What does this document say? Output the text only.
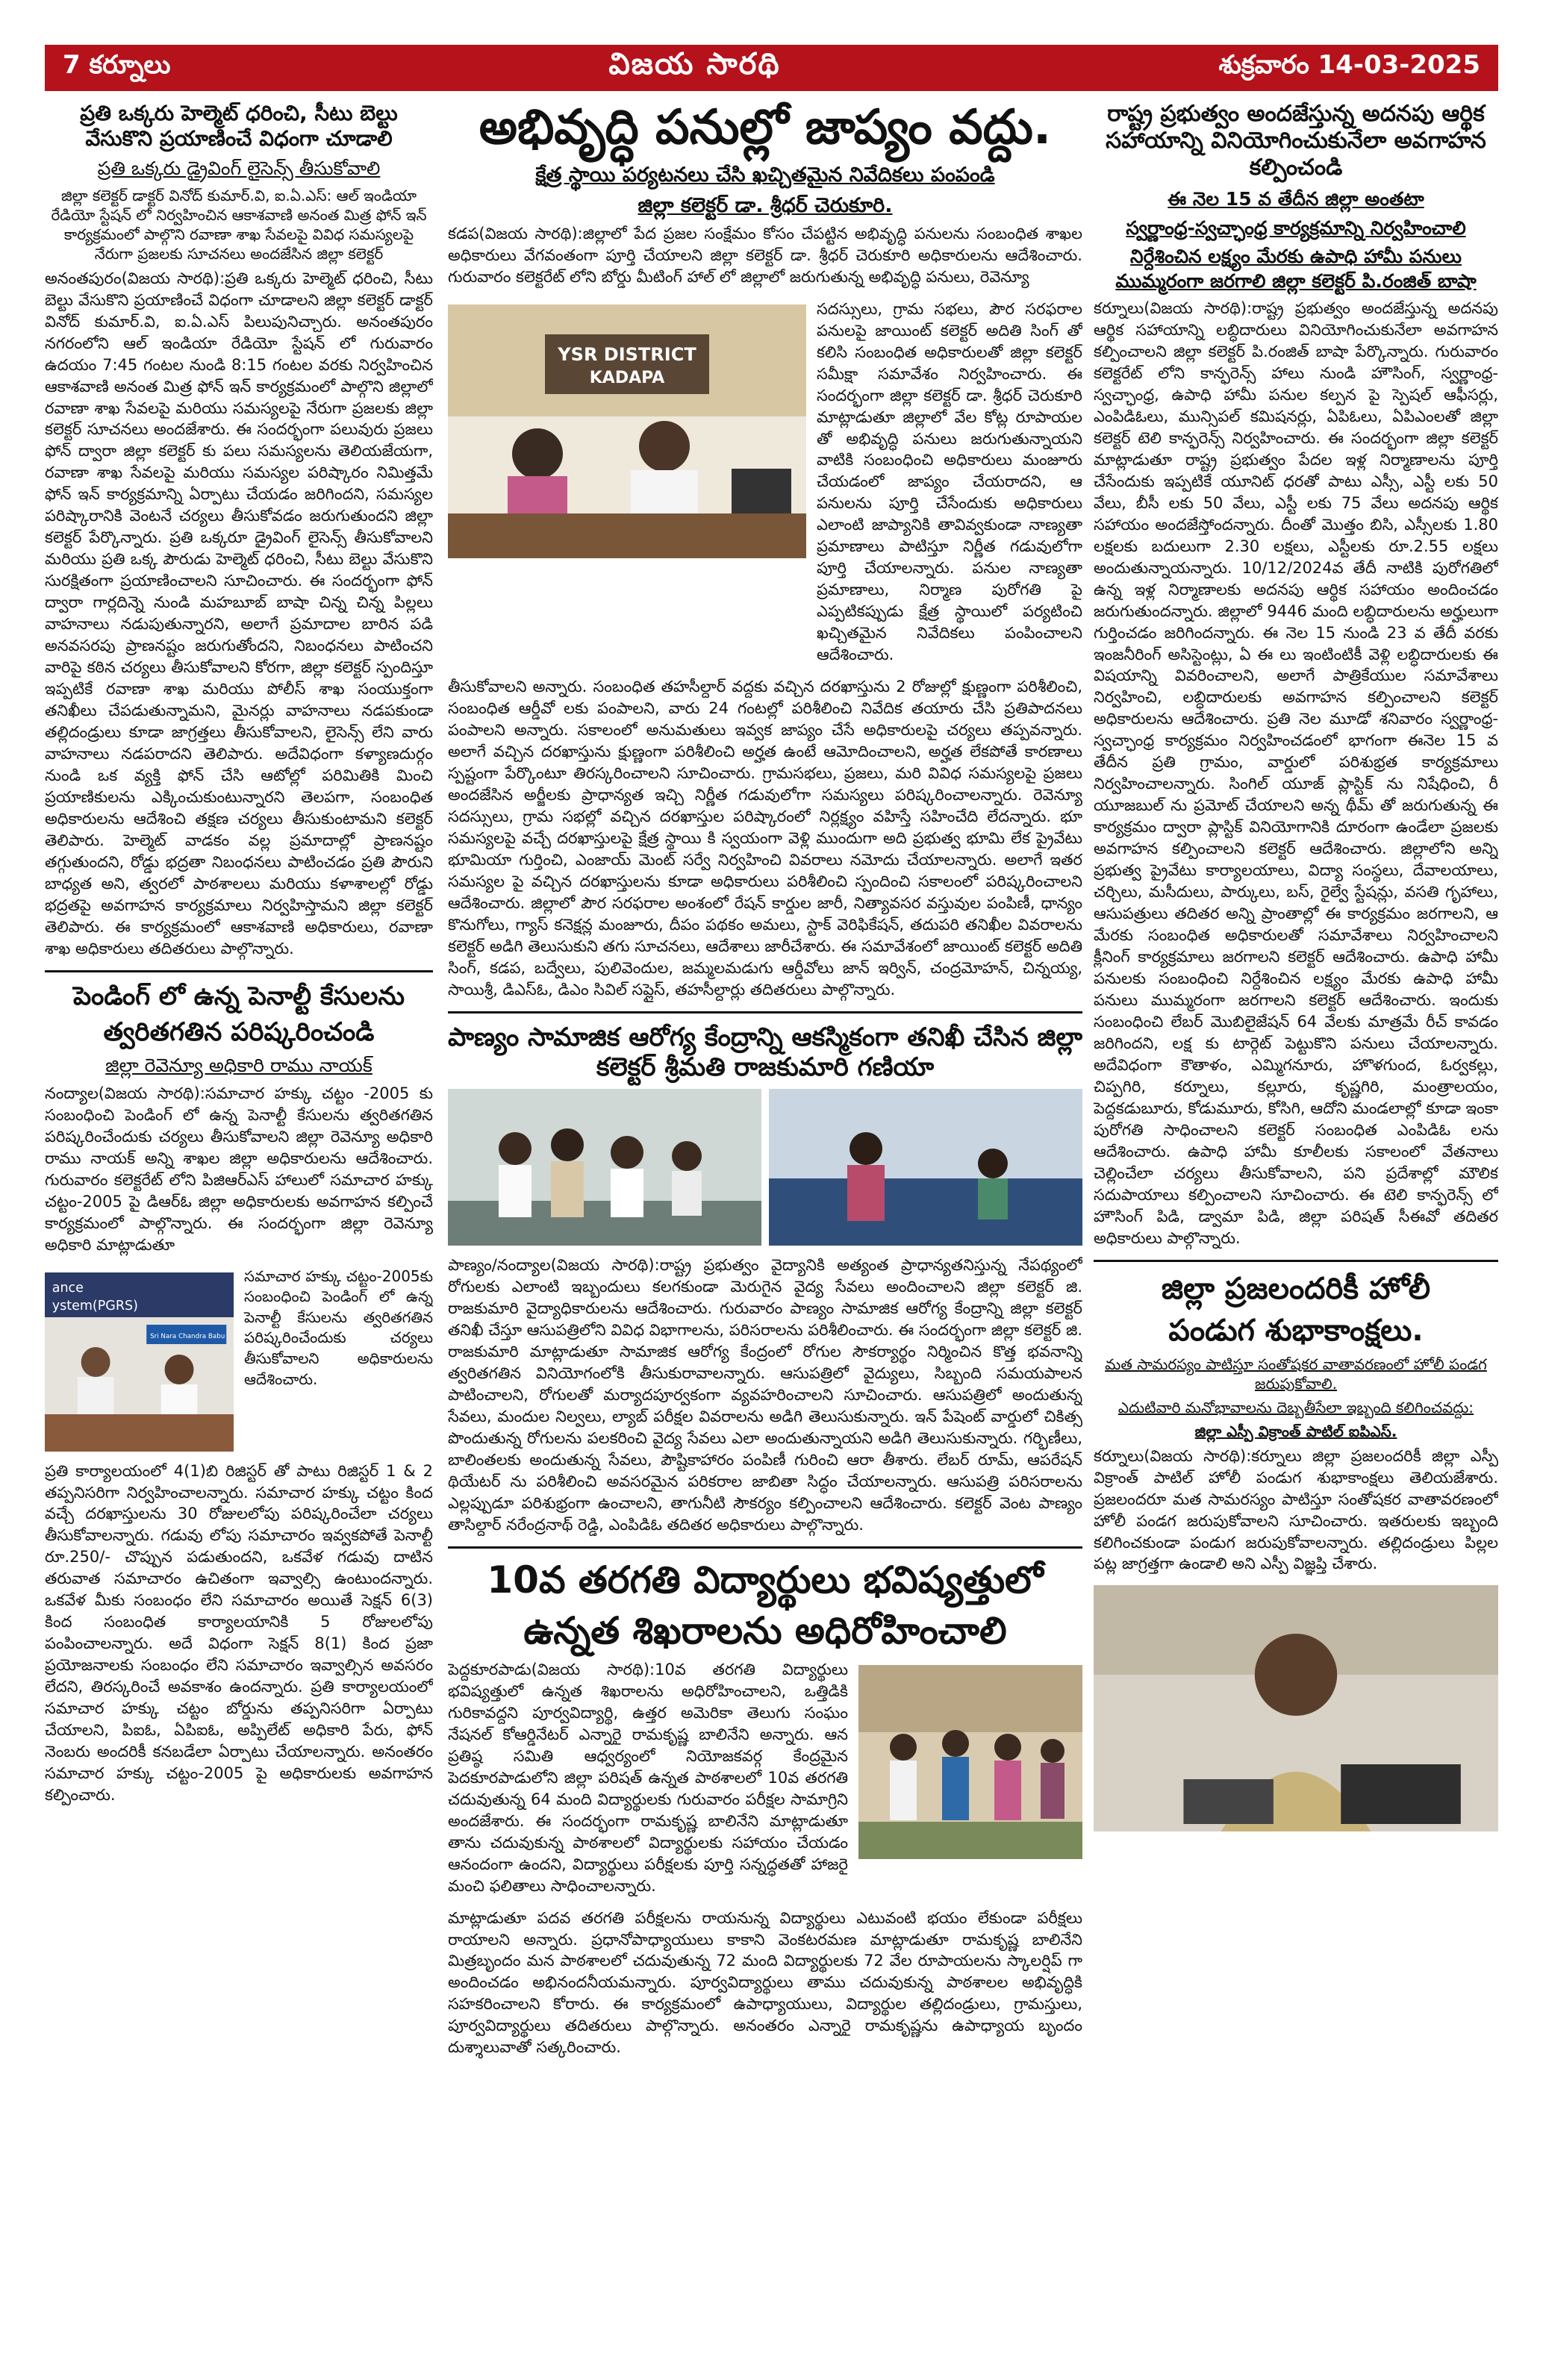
7 కర్నూలు	విజయ సారథి	శుక్రవారం 14-03-2025
ప్రతి ఒక్కరు హెల్మెట్ ధరించి, సీటు బెల్టు వేసుకొని ప్రయాణించే విధంగా చూడాలి
ప్రతి ఒక్కరు డ్రైవింగ్ లైసెన్స్ తీసుకోవాలి
జిల్లా కలెక్టర్ డాక్టర్ వినోద్ కుమార్.వి, ఐ.ఏ.ఎస్: ఆల్ ఇండియా రేడియో స్టేషన్ లో నిర్వహించిన ఆకాశవాణి అనంత మిత్ర ఫోన్ ఇన్ కార్యక్రమంలో పాల్గొని రవాణా శాఖ సేవలపై వివిధ సమస్యలపై నేరుగా ప్రజలకు సూచనలు అందజేసిన జిల్లా కలెక్టర్
అనంతపురం(విజయ సారథి):ప్రతి ఒక్కరు హెల్మెట్ ధరించి, సీటు బెల్టు వేసుకొని ప్రయాణించే విధంగా చూడాలని జిల్లా కలెక్టర్ డాక్టర్ వినోద్ కుమార్.వి, ఐ.ఏ.ఎస్ పిలుపునిచ్చారు. అనంతపురం నగరంలోని ఆల్ ఇండియా రేడియో స్టేషన్ లో గురువారం ఉదయం 7:45 గంటల నుండి 8:15 గంటల వరకు నిర్వహించిన ఆకాశవాణి అనంత మిత్ర ఫోన్ ఇన్ కార్యక్రమంలో పాల్గొని జిల్లాలో రవాణా శాఖ సేవలపై మరియు సమస్యలపై నేరుగా ప్రజలకు జిల్లా కలెక్టర్ సూచనలు అందజేశారు. ఈ సందర్భంగా పలువురు ప్రజలు ఫోన్ ద్వారా జిల్లా కలెక్టర్ కు పలు సమస్యలను తెలియజేయగా, రవాణా శాఖ సేవలపై మరియు సమస్యల పరిష్కారం నిమిత్తమే ఫోన్ ఇన్ కార్యక్రమాన్ని ఏర్పాటు చేయడం జరిగిందని, సమస్యల పరిష్కారానికి వెంటనే చర్యలు తీసుకోవడం జరుగుతుందని జిల్లా కలెక్టర్ పేర్కొన్నారు. ప్రతి ఒక్కరూ డ్రైవింగ్ లైసెన్స్ తీసుకోవాలని మరియు ప్రతి ఒక్క పౌరుడు హెల్మెట్ ధరించి, సీటు బెల్టు వేసుకొని సురక్షితంగా ప్రయాణించాలని సూచించారు. ఈ సందర్భంగా ఫోన్ ద్వారా గార్లదిన్నె నుండి మహబూబ్ బాషా చిన్న చిన్న పిల్లలు వాహనాలు నడుపుతున్నారని, అలాగే ప్రమాదాల బారిన పడి అనవసరపు ప్రాణనష్టం జరుగుతోందని, నిబంధనలు పాటించని వారిపై కఠిన చర్యలు తీసుకోవాలని కోరగా, జిల్లా కలెక్టర్ స్పందిస్తూ ఇప్పటికే రవాణా శాఖ మరియు పోలీస్ శాఖ సంయుక్తంగా తనిఖీలు చేపడుతున్నామని, మైనర్లు వాహనాలు నడపకుండా తల్లిదండ్రులు కూడా జాగ్రత్తలు తీసుకోవాలని, లైసెన్స్ లేని వారు వాహనాలు నడపరాదని తెలిపారు. అదేవిధంగా కళ్యాణదుర్గం నుండి ఒక వ్యక్తి ఫోన్ చేసి ఆటోల్లో పరిమితికి మించి ప్రయాణికులను ఎక్కించుకుంటున్నారని తెలపగా, సంబంధిత అధికారులను ఆదేశించి తక్షణ చర్యలు తీసుకుంటామని కలెక్టర్ తెలిపారు. హెల్మెట్ వాడకం వల్ల ప్రమాదాల్లో ప్రాణనష్టం తగ్గుతుందని, రోడ్డు భద్రతా నిబంధనలు పాటించడం ప్రతి పౌరుని బాధ్యత అని, త్వరలో పాఠశాలలు మరియు కళాశాలల్లో రోడ్డు భద్రతపై అవగాహన కార్యక్రమాలు నిర్వహిస్తామని జిల్లా కలెక్టర్ తెలిపారు. ఈ కార్యక్రమంలో ఆకాశవాణి అధికారులు, రవాణా శాఖ అధికారులు తదితరులు పాల్గొన్నారు.
పెండింగ్ లో ఉన్న పెనాల్టీ కేసులను
త్వరితగతిన పరిష్కరించండి
జిల్లా రెవెన్యూ అధికారి రాము నాయక్
నంద్యాల(విజయ సారథి):సమాచార హక్కు చట్టం -2005 కు సంబంధించి పెండింగ్ లో ఉన్న పెనాల్టీ కేసులను త్వరితగతిన పరిష్కరించేందుకు చర్యలు తీసుకోవాలని జిల్లా రెవెన్యూ అధికారి రాము నాయక్ అన్ని శాఖల జిల్లా అధికారులను ఆదేశించారు. గురువారం కలెక్టరేట్ లోని పిజిఆర్ఎస్ హాలులో సమాచార హక్కు చట్టం-2005 పై డిఆర్ఓ జిల్లా అధికారులకు అవగాహన కల్పించే కార్యక్రమంలో పాల్గొన్నారు. ఈ సందర్భంగా జిల్లా రెవెన్యూ అధికారి మాట్లాడుతూ
ance
ystem(PGRS)
Sri Nara Chandra Babu
సమాచార హక్కు చట్టం-2005కు సంబంధించి పెండింగ్ లో ఉన్న పెనాల్టీ కేసులను త్వరితగతిన పరిష్కరించేందుకు చర్యలు తీసుకోవాలని అధికారులను ఆదేశించారు.
ప్రతి కార్యాలయంలో 4(1)బి రిజిస్టర్ తో పాటు రిజిస్టర్ 1 & 2 తప్పనిసరిగా నిర్వహించాలన్నారు. సమాచార హక్కు చట్టం కింద వచ్చే దరఖాస్తులను 30 రోజులలోపు పరిష్కరించేలా చర్యలు తీసుకోవాలన్నారు. గడువు లోపు సమాచారం ఇవ్వకపోతే పెనాల్టీ రూ.250/- చొప్పున పడుతుందని, ఒకవేళ గడువు దాటిన తరువాత సమాచారం ఉచితంగా ఇవ్వాల్సి ఉంటుందన్నారు. ఒకవేళ మీకు సంబంధం లేని సమాచారం అయితే సెక్షన్ 6(3) కింద సంబంధిత కార్యాలయానికి 5 రోజులలోపు పంపించాలన్నారు. అదే విధంగా సెక్షన్ 8(1) కింద ప్రజా ప్రయోజనాలకు సంబంధం లేని సమాచారం ఇవ్వాల్సిన అవసరం లేదని, తిరస్కరించే అవకాశం ఉందన్నారు. ప్రతి కార్యాలయంలో సమాచార హక్కు చట్టం బోర్డును తప్పనిసరిగా ఏర్పాటు చేయాలని, పిఐఓ, ఏపిఐఓ, అప్పిలేట్ అధికారి పేరు, ఫోన్ నెంబరు అందరికీ కనబడేలా ఏర్పాటు చేయాలన్నారు. అనంతరం సమాచార హక్కు చట్టం-2005 పై అధికారులకు అవగాహన కల్పించారు.
అభివృద్ధి పనుల్లో జాప్యం వద్దు.
క్షేత్ర స్థాయి పర్యటనలు చేసి ఖచ్చితమైన నివేదికలు పంపండి
జిల్లా కలెక్టర్ డా. శ్రీధర్ చెరుకూరి.
కడప(విజయ సారథి):జిల్లాలో పేద ప్రజల సంక్షేమం కోసం చేపట్టిన అభివృద్ధి పనులను సంబంధిత శాఖల అధికారులు వేగవంతంగా పూర్తి చేయాలని జిల్లా కలెక్టర్ డా. శ్రీధర్ చెరుకూరి అధికారులను ఆదేశించారు. గురువారం కలెక్టరేట్ లోని బోర్డు మీటింగ్ హాల్ లో జిల్లాలో జరుగుతున్న అభివృద్ధి పనులు, రెవెన్యూ
YSR DISTRICT
KADAPA
సదస్సులు, గ్రామ సభలు, పౌర సరఫరాల పనులపై జాయింట్ కలెక్టర్ అదితి సింగ్ తో కలిసి సంబంధిత అధికారులతో జిల్లా కలెక్టర్ సమీక్షా సమావేశం నిర్వహించారు. ఈ సందర్భంగా జిల్లా కలెక్టర్ డా. శ్రీధర్ చెరుకూరి మాట్లాడుతూ జిల్లాలో వేల కోట్ల రూపాయల తో అభివృద్ధి పనులు జరుగుతున్నాయని వాటికి సంబంధించి అధికారులు మంజూరు చేయడంలో జాప్యం చేయరాదని, ఆ పనులను పూర్తి చేసేందుకు అధికారులు ఎలాంటి జాప్యానికి తావివ్వకుండా నాణ్యతా ప్రమాణాలు పాటిస్తూ నిర్ణీత గడువులోగా పూర్తి చేయాలన్నారు. పనుల నాణ్యతా ప్రమాణాలు, నిర్మాణ పురోగతి పై ఎప్పటికప్పుడు క్షేత్ర స్థాయిలో పర్యటించి ఖచ్చితమైన నివేదికలు పంపించాలని ఆదేశించారు.
తీసుకోవాలని అన్నారు. సంబంధిత తహసీల్దార్ వద్దకు వచ్చిన దరఖాస్తును 2 రోజుల్లో క్షుణ్ణంగా పరిశీలించి, సంబంధిత ఆర్డీవో లకు పంపాలని, వారు 24 గంటల్లో పరిశీలించి నివేదిక తయారు చేసి ప్రతిపాదనలు పంపాలని అన్నారు. సకాలంలో అనుమతులు ఇవ్వక జాప్యం చేసే అధికారులపై చర్యలు తప్పవన్నారు. అలాగే వచ్చిన దరఖాస్తును క్షుణ్ణంగా పరిశీలించి అర్హత ఉంటే ఆమోదించాలని, అర్హత లేకపోతే కారణాలు స్పష్టంగా పేర్కొంటూ తిరస్కరించాలని సూచించారు. గ్రామసభలు, ప్రజలు, మరి వివిధ సమస్యలపై ప్రజలు అందజేసిన అర్జీలకు ప్రాధాన్యత ఇచ్చి నిర్ణీత గడువులోగా సమస్యలు పరిష్కరించాలన్నారు. రెవెన్యూ సదస్సులు, గ్రామ సభల్లో వచ్చిన దరఖాస్తుల పరిష్కారంలో నిర్లక్ష్యం వహిస్తే సహించేది లేదన్నారు. భూ సమస్యలపై వచ్చే దరఖాస్తులపై క్షేత్ర స్థాయి కి స్వయంగా వెళ్లి ముందుగా అది ప్రభుత్వ భూమి లేక ప్రైవేటు భూమియా గుర్తించి, ఎంజాయ్ మెంట్ సర్వే నిర్వహించి వివరాలు నమోదు చేయాలన్నారు. అలాగే ఇతర సమస్యల పై వచ్చిన దరఖాస్తులను కూడా అధికారులు పరిశీలించి స్పందించి సకాలంలో పరిష్కరించాలని ఆదేశించారు. జిల్లాలో పౌర సరఫరాల అంశంలో రేషన్ కార్డుల జారీ, నిత్యావసర వస్తువుల పంపిణీ, ధాన్యం కొనుగోలు, గ్యాస్ కనెక్షన్ల మంజూరు, దీపం పథకం అమలు, స్టాక్ వెరిఫికేషన్, తదుపరి తనిఖీల వివరాలను కలెక్టర్ అడిగి తెలుసుకుని తగు సూచనలు, ఆదేశాలు జారీచేశారు. ఈ సమావేశంలో జాయింట్ కలెక్టర్ అదితి సింగ్, కడప, బద్వేలు, పులివెందుల, జమ్మలమడుగు ఆర్డీవోలు జాన్ ఇర్విన్, చంద్రమోహన్, చిన్నయ్య, సాయిశ్రీ, డిఎస్ఓ, డిఎం సివిల్ సప్లైస్, తహసీల్దార్లు తదితరులు పాల్గొన్నారు.
పాణ్యం సామాజిక ఆరోగ్య కేంద్రాన్ని ఆకస్మికంగా తనిఖీ చేసిన జిల్లా కలెక్టర్ శ్రీమతి రాజకుమారి గణియా
పాణ్యం/నంద్యాల(విజయ సారథి):రాష్ట్ర ప్రభుత్వం వైద్యానికి అత్యంత ప్రాధాన్యతనిస్తున్న నేపథ్యంలో రోగులకు ఎలాంటి ఇబ్బందులు కలగకుండా మెరుగైన వైద్య సేవలు అందించాలని జిల్లా కలెక్టర్ జి. రాజకుమారి వైద్యాధికారులను ఆదేశించారు. గురువారం పాణ్యం సామాజిక ఆరోగ్య కేంద్రాన్ని జిల్లా కలెక్టర్ తనిఖీ చేస్తూ ఆసుపత్రిలోని వివిధ విభాగాలను, పరిసరాలను పరిశీలించారు. ఈ సందర్భంగా జిల్లా కలెక్టర్ జి. రాజకుమారి మాట్లాడుతూ సామాజిక ఆరోగ్య కేంద్రంలో రోగుల సౌకర్యార్థం నిర్మించిన కొత్త భవనాన్ని త్వరితగతిన వినియోగంలోకి తీసుకురావాలన్నారు. ఆసుపత్రిలో వైద్యులు, సిబ్బంది సమయపాలన పాటించాలని, రోగులతో మర్యాదపూర్వకంగా వ్యవహరించాలని సూచించారు. ఆసుపత్రిలో అందుతున్న సేవలు, మందుల నిల్వలు, ల్యాబ్ పరీక్షల వివరాలను అడిగి తెలుసుకున్నారు. ఇన్ పేషెంట్ వార్డులో చికిత్స పొందుతున్న రోగులను పలకరించి వైద్య సేవలు ఎలా అందుతున్నాయని అడిగి తెలుసుకున్నారు. గర్భిణీలు, బాలింతలకు అందుతున్న సేవలు, పౌష్టికాహారం పంపిణీ గురించి ఆరా తీశారు. లేబర్ రూమ్, ఆపరేషన్ థియేటర్ ను పరిశీలించి అవసరమైన పరికరాల జాబితా సిద్ధం చేయాలన్నారు. ఆసుపత్రి పరిసరాలను ఎల్లప్పుడూ పరిశుభ్రంగా ఉంచాలని, తాగునీటి సౌకర్యం కల్పించాలని ఆదేశించారు. కలెక్టర్ వెంట పాణ్యం తాసిల్దార్ నరేంద్రనాథ్ రెడ్డి, ఎంపిడిఓ తదితర అధికారులు పాల్గొన్నారు.
10వ తరగతి విద్యార్థులు భవిష్యత్తులో
ఉన్నత శిఖరాలను అధిరోహించాలి
పెద్దకూరపాడు(విజయ సారథి):10వ తరగతి విద్యార్థులు భవిష్యత్తులో ఉన్నత శిఖరాలను అధిరోహించాలని, ఒత్తిడికి గురికావద్దని పూర్వవిద్యార్థి, ఉత్తర అమెరికా తెలుగు సంఘం నేషనల్ కోఆర్డినేటర్ ఎన్నారై రామకృష్ణ బాలినేని అన్నారు. ఆన ప్రతిష్ఠ సమితి ఆధ్వర్యంలో నియోజకవర్గ కేంద్రమైన పెదకూరపాడులోని జిల్లా పరిషత్ ఉన్నత పాఠశాలలో 10వ తరగతి చదువుతున్న 64 మంది విద్యార్థులకు గురువారం పరీక్షల సామాగ్రిని అందజేశారు. ఈ సందర్భంగా రామకృష్ణ బాలినేని మాట్లాడుతూ తాను చదువుకున్న పాఠశాలలో విద్యార్థులకు సహాయం చేయడం ఆనందంగా ఉందని, విద్యార్థులు పరీక్షలకు పూర్తి సన్నద్ధతతో హాజరై మంచి ఫలితాలు సాధించాలన్నారు.
మాట్లాడుతూ పదవ తరగతి పరీక్షలను రాయనున్న విద్యార్థులు ఎటువంటి భయం లేకుండా పరీక్షలు రాయాలని అన్నారు. ప్రధానోపాధ్యాయులు కాకాని వెంకటరమణ మాట్లాడుతూ రామకృష్ణ బాలినేని మిత్రబృందం మన పాఠశాలలో చదువుతున్న 72 మంది విద్యార్థులకు 72 వేల రూపాయలను స్కాలర్షిప్ గా అందించడం అభినందనీయమన్నారు. పూర్వవిద్యార్థులు తాము చదువుకున్న పాఠశాలల అభివృద్ధికి సహకరించాలని కోరారు. ఈ కార్యక్రమంలో ఉపాధ్యాయులు, విద్యార్థుల తల్లిదండ్రులు, గ్రామస్తులు, పూర్వవిద్యార్థులు తదితరులు పాల్గొన్నారు. అనంతరం ఎన్నారై రామకృష్ణను ఉపాధ్యాయ బృందం దుశ్శాలువాతో సత్కరించారు.
రాష్ట్ర ప్రభుత్వం అందజేస్తున్న అదనపు ఆర్థిక సహాయాన్ని వినియోగించుకునేలా అవగాహన కల్పించండి
ఈ నెల 15 వ తేదీన జిల్లా అంతటా
స్వర్ణాంధ్ర-స్వచ్ఛాంధ్ర కార్యక్రమాన్ని నిర్వహించాలి
నిర్దేశించిన లక్ష్యం మేరకు ఉపాధి హామీ పనులు ముమ్మరంగా జరగాలి జిల్లా కలెక్టర్ పి.రంజిత్ బాషా
కర్నూలు(విజయ సారథి):రాష్ట్ర ప్రభుత్వం అందజేస్తున్న అదనపు ఆర్థిక సహాయాన్ని లబ్ధిదారులు వినియోగించుకునేలా అవగాహన కల్పించాలని జిల్లా కలెక్టర్ పి.రంజిత్ బాషా పేర్కొన్నారు. గురువారం కలెక్టరేట్ లోని కాన్ఫరెన్స్ హాలు నుండి హౌసింగ్, స్వర్ణాంధ్ర-స్వచ్ఛాంధ్ర, ఉపాధి హామీ పనుల కల్పన పై స్పెషల్ ఆఫీసర్లు, ఎంపిడిఓలు, మున్సిపల్ కమిషనర్లు, ఏపిఓలు, ఏపిఎంలతో జిల్లా కలెక్టర్ టెలి కాన్ఫరెన్స్ నిర్వహించారు. ఈ సందర్భంగా జిల్లా కలెక్టర్ మాట్లాడుతూ రాష్ట్ర ప్రభుత్వం పేదల ఇళ్ల నిర్మాణాలను పూర్తి చేసేందుకు ఇప్పటికే యూనిట్ ధరతో పాటు ఎస్సీ, ఎస్టీ లకు 50 వేలు, బీసీ లకు 50 వేలు, ఎస్టీ లకు 75 వేలు అదనపు ఆర్థిక సహాయం అందజేస్తోందన్నారు. దీంతో మొత్తం బిసి, ఎస్సీలకు 1.80 లక్షలకు బదులుగా 2.30 లక్షలు, ఎస్టీలకు రూ.2.55 లక్షలు అందుతున్నాయన్నారు. 10/12/2024వ తేదీ నాటికి పురోగతిలో ఉన్న ఇళ్ల నిర్మాణాలకు అదనపు ఆర్థిక సహాయం అందించడం జరుగుతుందన్నారు. జిల్లాలో 9446 మంది లబ్ధిదారులను అర్హులుగా గుర్తించడం జరిగిందన్నారు. ఈ నెల 15 నుండి 23 వ తేదీ వరకు ఇంజనీరింగ్ అసిస్టెంట్లు, ఏ ఈ లు ఇంటింటికీ వెళ్లి లబ్ధిదారులకు ఈ విషయాన్ని వివరించాలని, అలాగే పాత్రికేయుల సమావేశాలు నిర్వహించి, లబ్ధిదారులకు అవగాహన కల్పించాలని కలెక్టర్ అధికారులను ఆదేశించారు. ప్రతి నెల మూడో శనివారం స్వర్ణాంధ్ర-స్వచ్ఛాంధ్ర కార్యక్రమం నిర్వహించడంలో భాగంగా ఈనెల 15 వ తేదీన ప్రతి గ్రామం, వార్డులో పరిశుభ్రత కార్యక్రమాలు నిర్వహించాలన్నారు. సింగిల్ యూజ్ ప్లాస్టిక్ ను నిషేధించి, రీ యూజబుల్ ను ప్రమోట్ చేయాలని అన్న థీమ్ తో జరుగుతున్న ఈ కార్యక్రమం ద్వారా ప్లాస్టిక్ వినియోగానికి దూరంగా ఉండేలా ప్రజలకు అవగాహన కల్పించాలని కలెక్టర్ ఆదేశించారు. జిల్లాలోని అన్ని ప్రభుత్వ ప్రైవేటు కార్యాలయాలు, విద్యా సంస్థలు, దేవాలయాలు, చర్చిలు, మసీదులు, పార్కులు, బస్, రైల్వే స్టేషన్లు, వసతి గృహాలు, ఆసుపత్రులు తదితర అన్ని ప్రాంతాల్లో ఈ కార్యక్రమం జరగాలని, ఆ మేరకు సంబంధిత అధికారులతో సమావేశాలు నిర్వహించాలని క్లీనింగ్ కార్యక్రమాలు జరగాలని కలెక్టర్ ఆదేశించారు. ఉపాధి హామీ పనులకు సంబంధించి నిర్దేశించిన లక్ష్యం మేరకు ఉపాధి హామీ పనులు ముమ్మరంగా జరగాలని కలెక్టర్ ఆదేశించారు. ఇందుకు సంబంధించి లేబర్ మొబిలైజేషన్ 64 వేలకు మాత్రమే రీచ్ కావడం జరిగిందని, లక్ష కు టార్గెట్ పెట్టుకొని పనులు చేయాలన్నారు. అదేవిధంగా కౌతాళం, ఎమ్మిగనూరు, హొళగుంద, ఓర్వకల్లు, చిప్పగిరి, కర్నూలు, కల్లూరు, కృష్ణగిరి, మంత్రాలయం, పెద్దకడుబూరు, కోడుమూరు, కోసిగి, ఆదోని మండలాల్లో కూడా ఇంకా పురోగతి సాధించాలని కలెక్టర్ సంబంధిత ఎంపిడిఓ లను ఆదేశించారు. ఉపాధి హామీ కూలీలకు సకాలంలో వేతనాలు చెల్లించేలా చర్యలు తీసుకోవాలని, పని ప్రదేశాల్లో మౌలిక సదుపాయాలు కల్పించాలని సూచించారు. ఈ టెలి కాన్ఫరెన్స్ లో హౌసింగ్ పిడి, డ్వామా పిడి, జిల్లా పరిషత్ సీఈవో తదితర అధికారులు పాల్గొన్నారు.
జిల్లా ప్రజలందరికీ హోలీ
పండుగ శుభాకాంక్షలు.
మత సామరస్యం పాటిస్తూ సంతోషకర వాతావరణంలో హోలీ పండగ జరుపుకోవాలి.
ఎదుటివారి మనోభావాలను దెబ్బతీసేలా ఇబ్బంది కలిగించవద్దు:
జిల్లా ఎస్పీ విక్రాంత్ పాటిల్ ఐపిఎస్.
కర్నూలు(విజయ సారథి):కర్నూలు జిల్లా ప్రజలందరికీ జిల్లా ఎస్పీ విక్రాంత్ పాటిల్ హోలీ పండుగ శుభాకాంక్షలు తెలియజేశారు. ప్రజలందరూ మత సామరస్యం పాటిస్తూ సంతోషకర వాతావరణంలో హోలీ పండగ జరుపుకోవాలని సూచించారు. ఇతరులకు ఇబ్బంది కలిగించకుండా పండుగ జరుపుకోవాలన్నారు. తల్లిదండ్రులు పిల్లల పట్ల జాగ్రత్తగా ఉండాలి అని ఎస్పీ విజ్ఞప్తి చేశారు.
